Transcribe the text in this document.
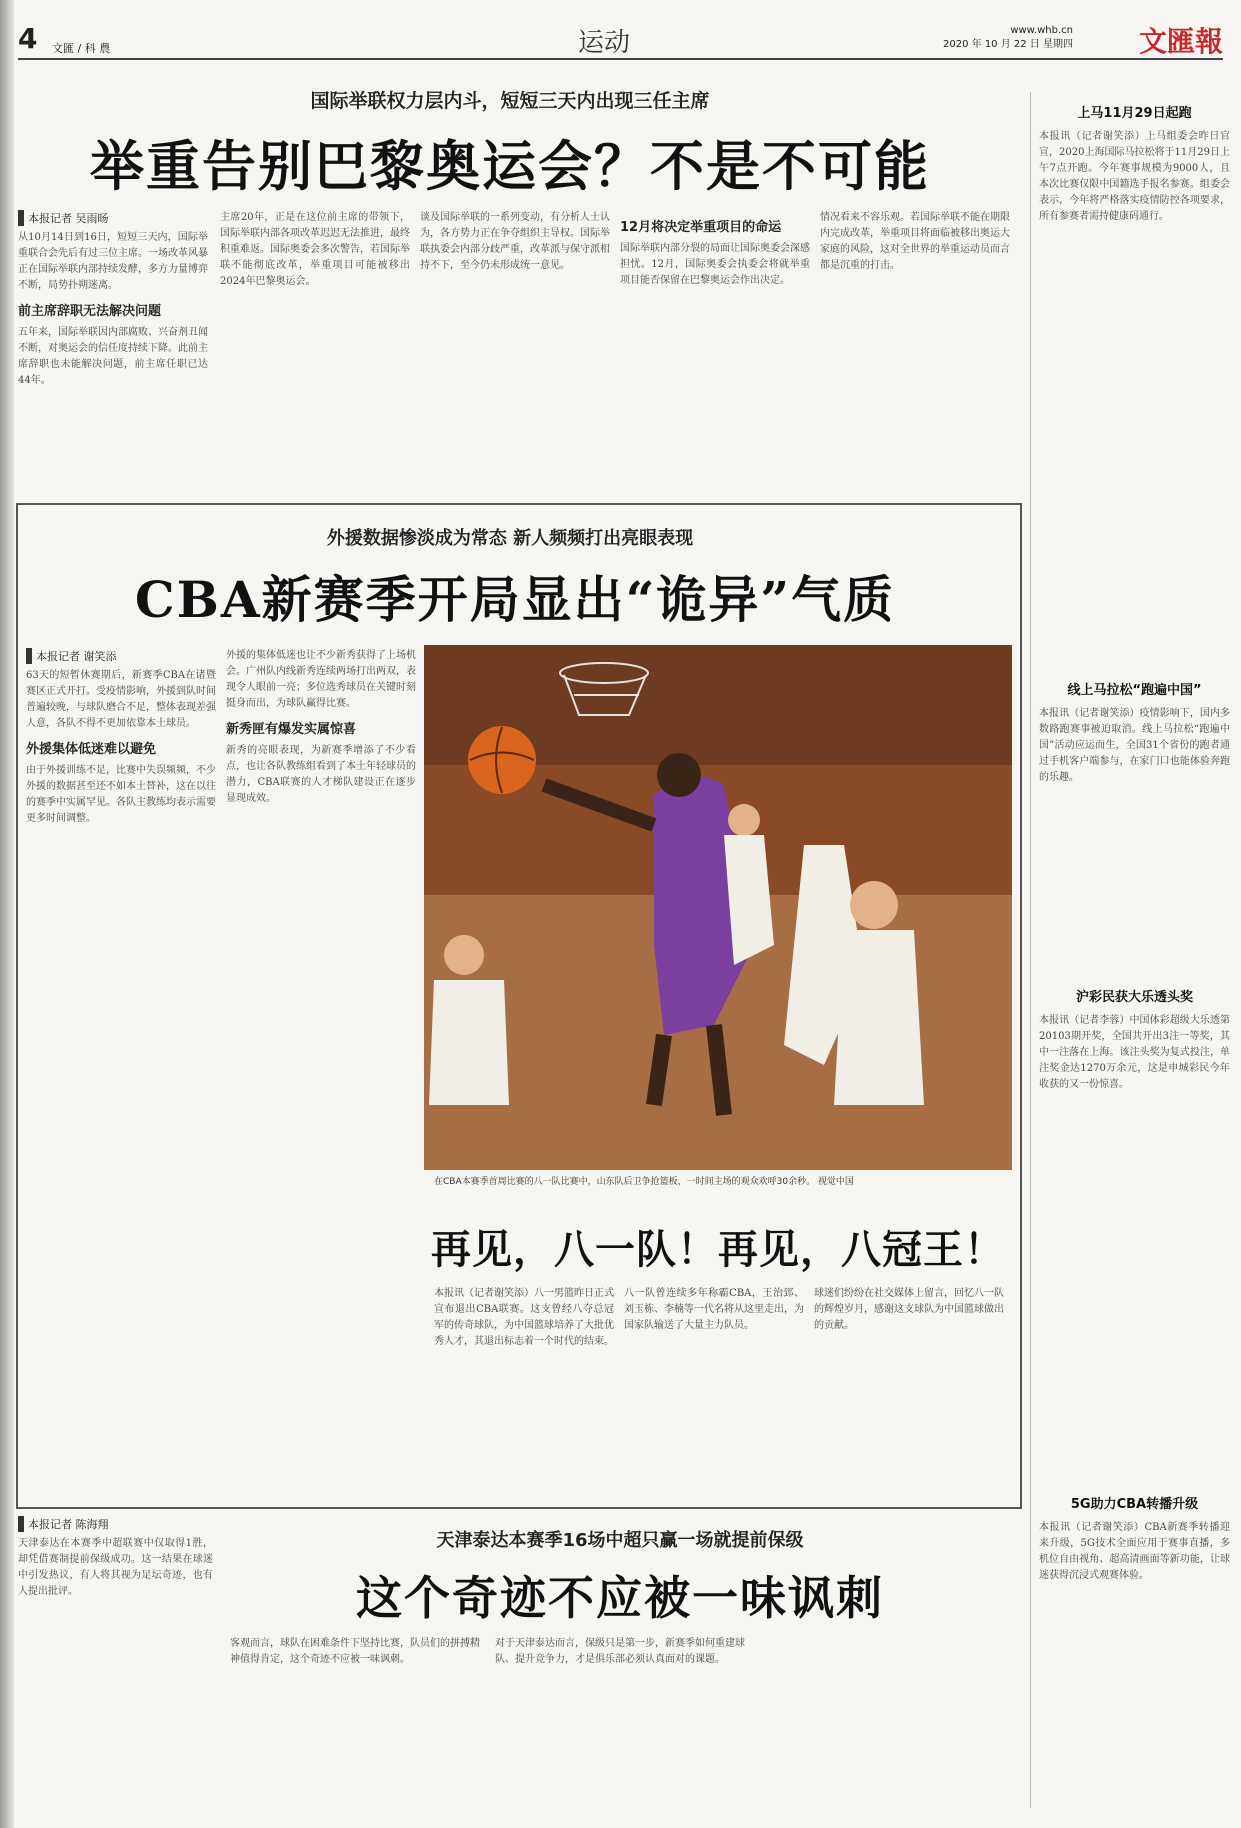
4 文匯 / 科 農	运动	www.whb.cn
2020 年 10 月 22 日 星期四 文匯報
国际举联权力层内斗，短短三天内出现三任主席
举重告别巴黎奥运会？不是不可能
本报记者 吴雨旸
从10月14日到16日，短短三天内，国际举重联合会先后有过三位主席。一场改革风暴正在国际举联内部持续发酵，多方力量博弈不断，局势扑朔迷离。
前主席辞职无法解决问题
五年来，国际举联因内部腐败、兴奋剂丑闻不断，对奥运会的信任度持续下降。此前主席辞职也未能解决问题，前主席任职已达44年。
主席20年，正是在这位前主席的带领下，国际举联内部各项改革迟迟无法推进，最终积重难返。国际奥委会多次警告，若国际举联不能彻底改革，举重项目可能被移出2024年巴黎奥运会。
谈及国际举联的一系列变动，有分析人士认为，各方势力正在争夺组织主导权。国际举联执委会内部分歧严重，改革派与保守派相持不下，至今仍未形成统一意见。
12月将决定举重项目的命运
国际举联内部分裂的局面让国际奥委会深感担忧。12月，国际奥委会执委会将就举重项目能否保留在巴黎奥运会作出决定。
情况看来不容乐观。若国际举联不能在期限内完成改革，举重项目将面临被移出奥运大家庭的风险，这对全世界的举重运动员而言都是沉重的打击。
上马11月29日起跑
本报讯（记者谢笑添）上马组委会昨日官宣，2020上海国际马拉松将于11月29日上午7点开跑。今年赛事规模为9000人，且本次比赛仅限中国籍选手报名参赛。组委会表示，今年将严格落实疫情防控各项要求，所有参赛者需持健康码通行。
线上马拉松“跑遍中国”
本报讯（记者谢笑添）疫情影响下，国内多数路跑赛事被迫取消。线上马拉松“跑遍中国”活动应运而生，全国31个省份的跑者通过手机客户端参与，在家门口也能体验奔跑的乐趣。
沪彩民获大乐透头奖
本报讯（记者李蓉）中国体彩超级大乐透第20103期开奖，全国共开出3注一等奖，其中一注落在上海。该注头奖为复式投注，单注奖金达1270万余元，这是申城彩民今年收获的又一份惊喜。
5G助力CBA转播升级
本报讯（记者谢笑添）CBA新赛季转播迎来升级，5G技术全面应用于赛事直播，多机位自由视角、超高清画面等新功能，让球迷获得沉浸式观赛体验。
外援数据惨淡成为常态 新人频频打出亮眼表现
CBA新赛季开局显出“诡异”气质
本报记者 谢笑添
63天的短暂休赛期后，新赛季CBA在诸暨赛区正式开打。受疫情影响，外援到队时间普遍较晚，与球队磨合不足，整体表现差强人意，各队不得不更加依靠本土球员。
外援集体低迷难以避免
由于外援训练不足，比赛中失误频频，不少外援的数据甚至还不如本土替补，这在以往的赛季中实属罕见。各队主教练均表示需要更多时间调整。
外援的集体低迷也让不少新秀获得了上场机会。广州队内线新秀连续两场打出两双，表现令人眼前一亮；多位选秀球员在关键时刻挺身而出，为球队赢得比赛。
新秀匣有爆发实属惊喜
新秀的亮眼表现，为新赛季增添了不少看点，也让各队教练组看到了本土年轻球员的潜力，CBA联赛的人才梯队建设正在逐步显现成效。
在CBA本赛季首周比赛的八一队比赛中，山东队后卫争抢篮板，一时间主场的观众欢呼30余秒。 视觉中国
再见，八一队！再见，八冠王！
本报讯（记者谢笑添）八一男篮昨日正式宣布退出CBA联赛。这支曾经八夺总冠军的传奇球队，为中国篮球培养了大批优秀人才，其退出标志着一个时代的结束。
八一队曾连续多年称霸CBA，王治郅、刘玉栋、李楠等一代名将从这里走出，为国家队输送了大量主力队员。
球迷们纷纷在社交媒体上留言，回忆八一队的辉煌岁月，感谢这支球队为中国篮球做出的贡献。
本报记者 陈海翔
天津泰达在本赛季中超联赛中仅取得1胜，却凭借赛制提前保级成功。这一结果在球迷中引发热议，有人将其视为足坛奇迹，也有人提出批评。
天津泰达本赛季16场中超只赢一场就提前保级
这个奇迹不应被一味讽刺
客观而言，球队在困难条件下坚持比赛，队员们的拼搏精神值得肯定，这个奇迹不应被一味讽刺。
对于天津泰达而言，保级只是第一步，新赛季如何重建球队、提升竞争力，才是俱乐部必须认真面对的课题。
